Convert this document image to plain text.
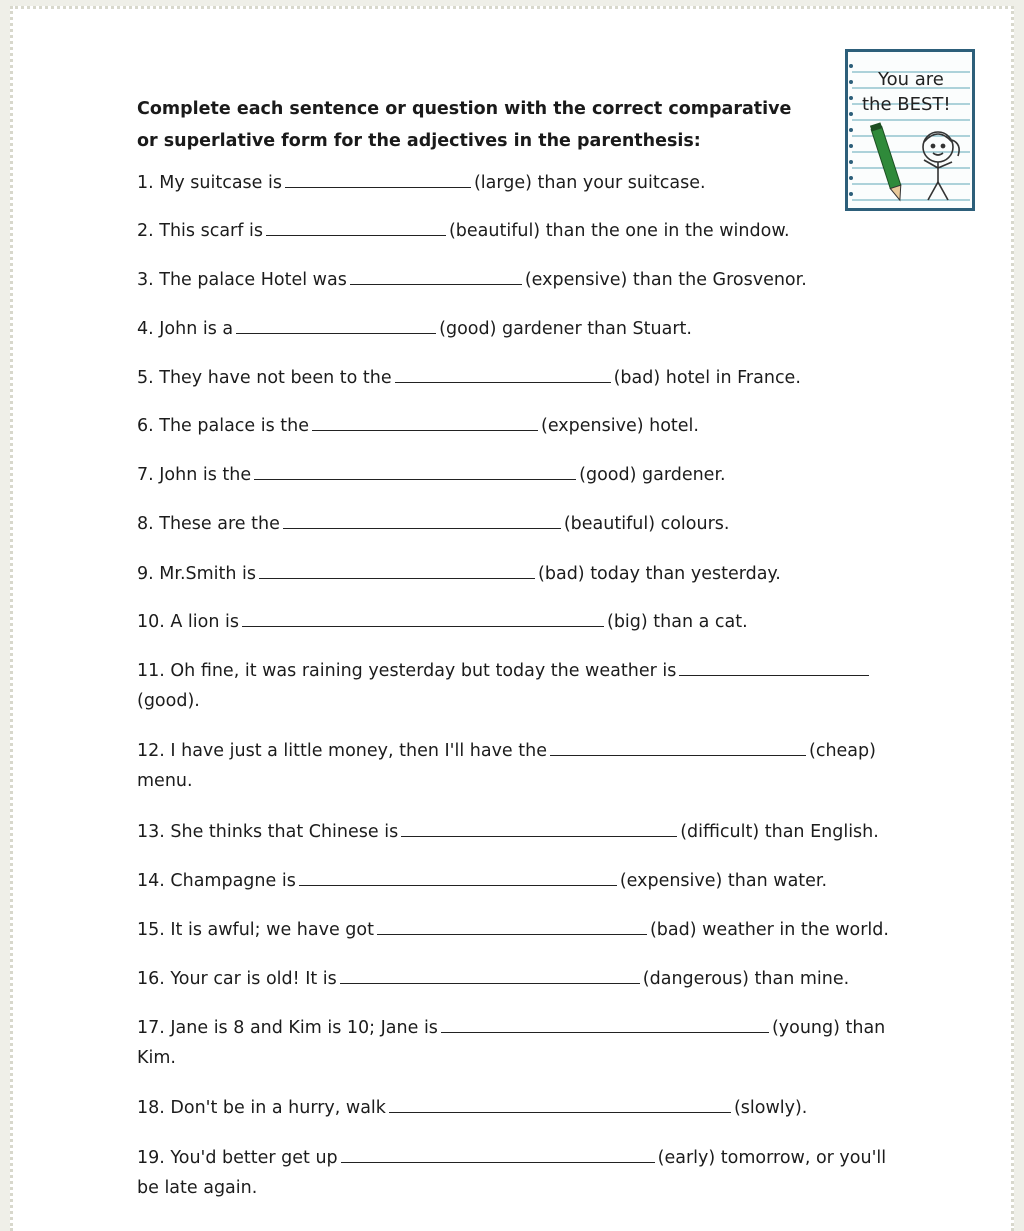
Complete each sentence or question with the correct comparative or superlative form for the adjectives in the parenthesis:
You are
the BEST!
1. My suitcase is	(large) than your suitcase.
2. This scarf is	(beautiful) than the one in the window.
3. The palace Hotel was	(expensive) than the Grosvenor.
4. John is a	(good) gardener than Stuart.
5. They have not been to the	(bad) hotel in France.
6. The palace is the	(expensive) hotel.
7. John is the	(good) gardener.
8. These are the	(beautiful) colours.
9. Mr.Smith is	(bad) today than yesterday.
10. A lion is	(big) than a cat.
11. Oh fine, it was raining yesterday but today the weather is
(good).
12. I have just a little money, then I'll have the	(cheap)
menu.
13. She thinks that Chinese is	(difficult) than English.
14. Champagne is	(expensive) than water.
15. It is awful; we have got	(bad) weather in the world.
16. Your car is old! It is	(dangerous) than mine.
17. Jane is 8 and Kim is 10; Jane is	(young) than
Kim.
18. Don't be in a hurry, walk	(slowly).
19. You'd better get up	(early) tomorrow, or you'll
be late again.
